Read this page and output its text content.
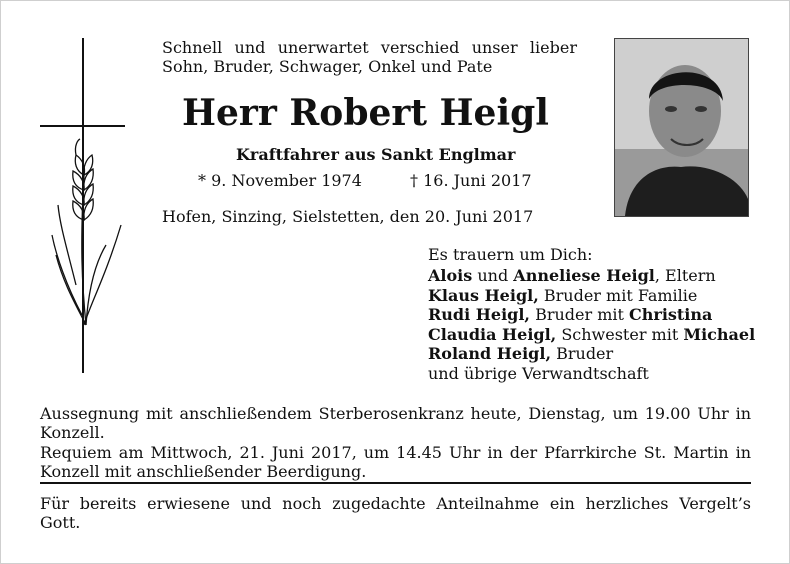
Schnell und unerwartet verschied unser lieber
Sohn, Bruder, Schwager, Onkel und Pate
Herr Robert Heigl
Kraftfahrer aus Sankt Englmar
* 9. November 1974	† 16. Juni 2017
Hofen, Sinzing, Sielstetten, den 20. Juni 2017
Es trauern um Dich:
Alois und Anneliese Heigl, Eltern
Klaus Heigl, Bruder mit Familie
Rudi Heigl, Bruder mit Christina
Claudia Heigl, Schwester mit Michael
Roland Heigl, Bruder
und übrige Verwandtschaft
Aussegnung mit anschließendem Sterberosenkranz heute, Dienstag, um 19.00 Uhr in
Konzell.
Requiem am Mittwoch, 21. Juni 2017, um 14.45 Uhr in der Pfarrkirche St. Martin in
Konzell mit anschließender Beerdigung.
Für bereits erwiesene und noch zugedachte Anteilnahme ein herzliches Vergelt’s
Gott.
